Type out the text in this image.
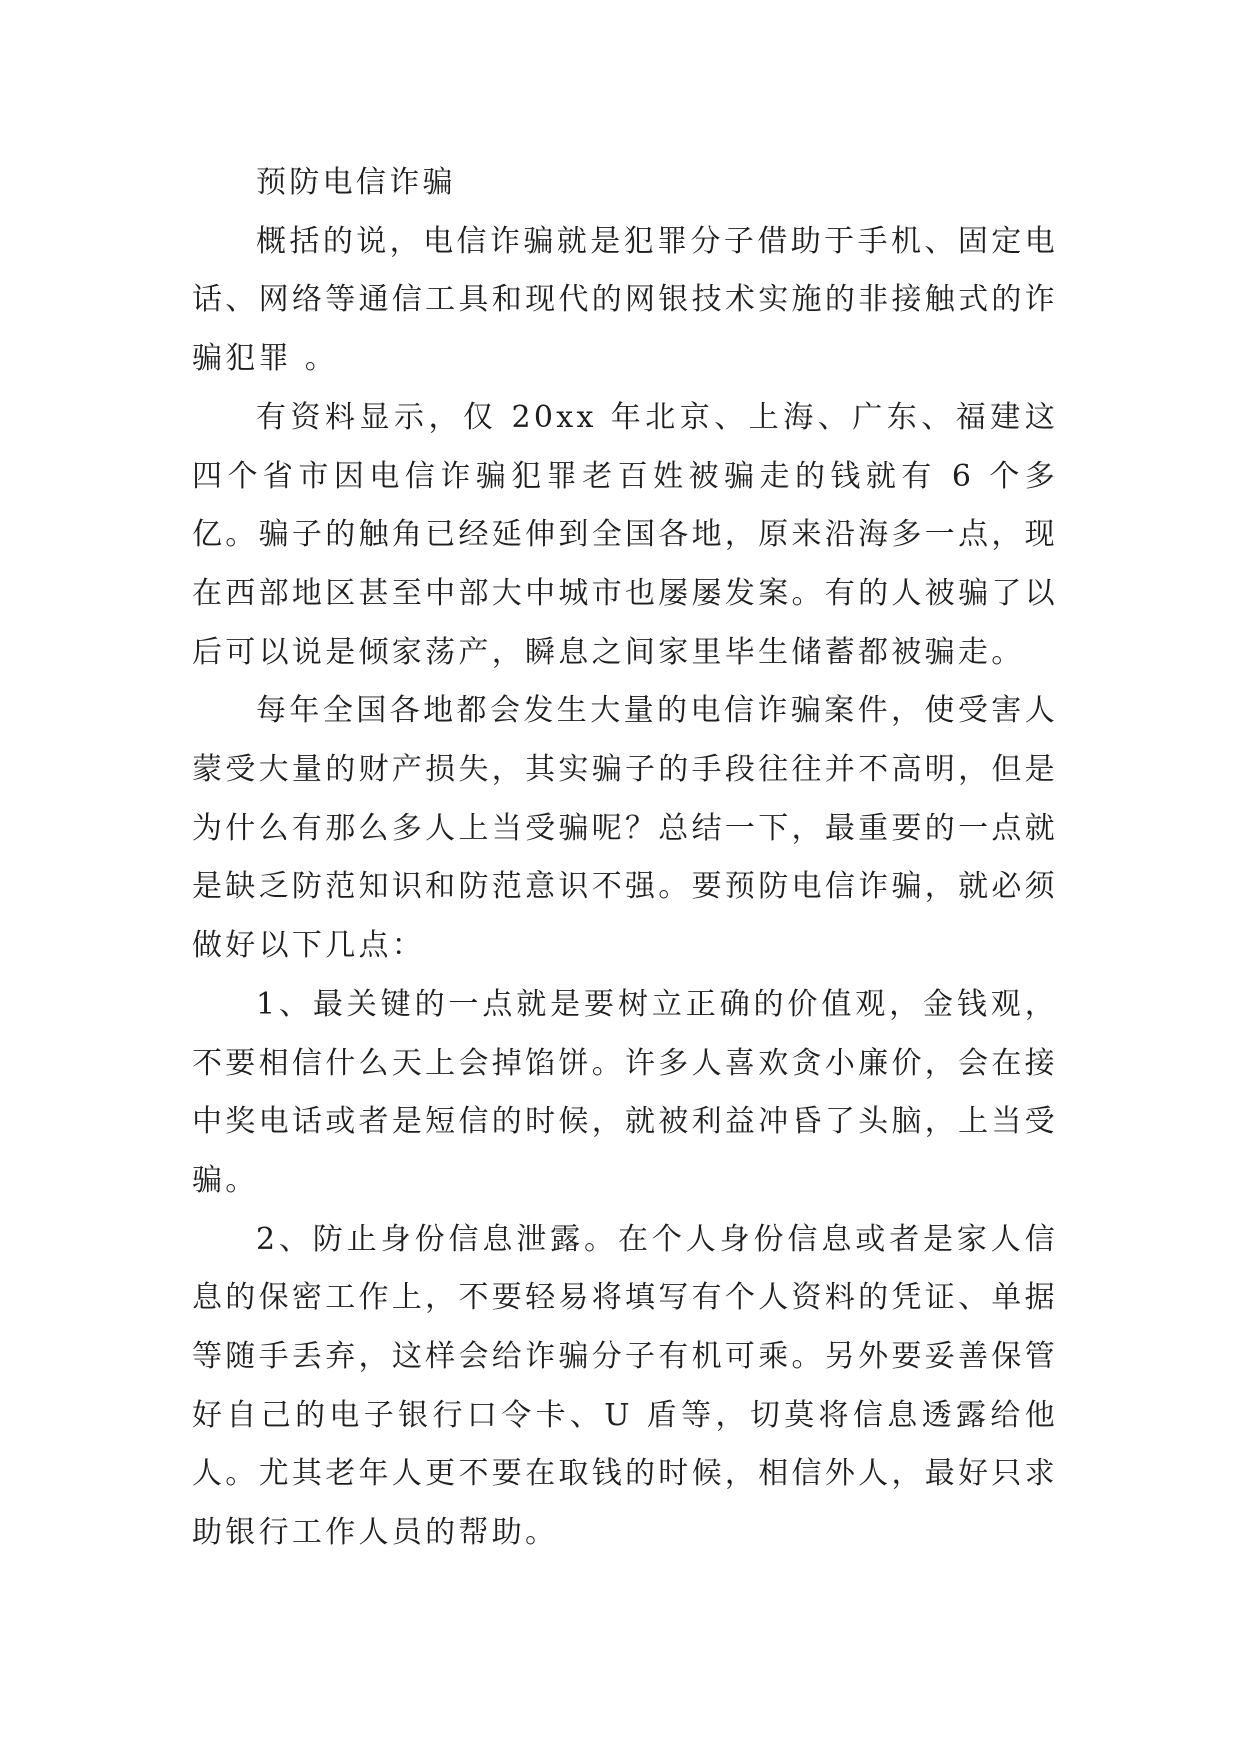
预防电信诈骗

概括的说，电信诈骗就是犯罪分子借助于手机、固定电话、网络等通信工具和现代的网银技术实施的非接触式的诈骗犯罪 。

有资料显示，仅 20xx 年北京、上海、广东、福建这四个省市因电信诈骗犯罪老百姓被骗走的钱就有 6 个多亿。骗子的触角已经延伸到全国各地，原来沿海多一点，现在西部地区甚至中部大中城市也屡屡发案。有的人被骗了以后可以说是倾家荡产，瞬息之间家里毕生储蓄都被骗走。

每年全国各地都会发生大量的电信诈骗案件，使受害人蒙受大量的财产损失，其实骗子的手段往往并不高明，但是为什么有那么多人上当受骗呢？总结一下，最重要的一点就是缺乏防范知识和防范意识不强。要预防电信诈骗，就必须做好以下几点：

1、最关键的一点就是要树立正确的价值观，金钱观，不要相信什么天上会掉馅饼。许多人喜欢贪小廉价，会在接中奖电话或者是短信的时候，就被利益冲昏了头脑，上当受骗。

2、防止身份信息泄露。在个人身份信息或者是家人信息的保密工作上，不要轻易将填写有个人资料的凭证、单据等随手丢弃，这样会给诈骗分子有机可乘。另外要妥善保管好自己的电子银行口令卡、U 盾等，切莫将信息透露给他人。尤其老年人更不要在取钱的时候，相信外人，最好只求助银行工作人员的帮助。
